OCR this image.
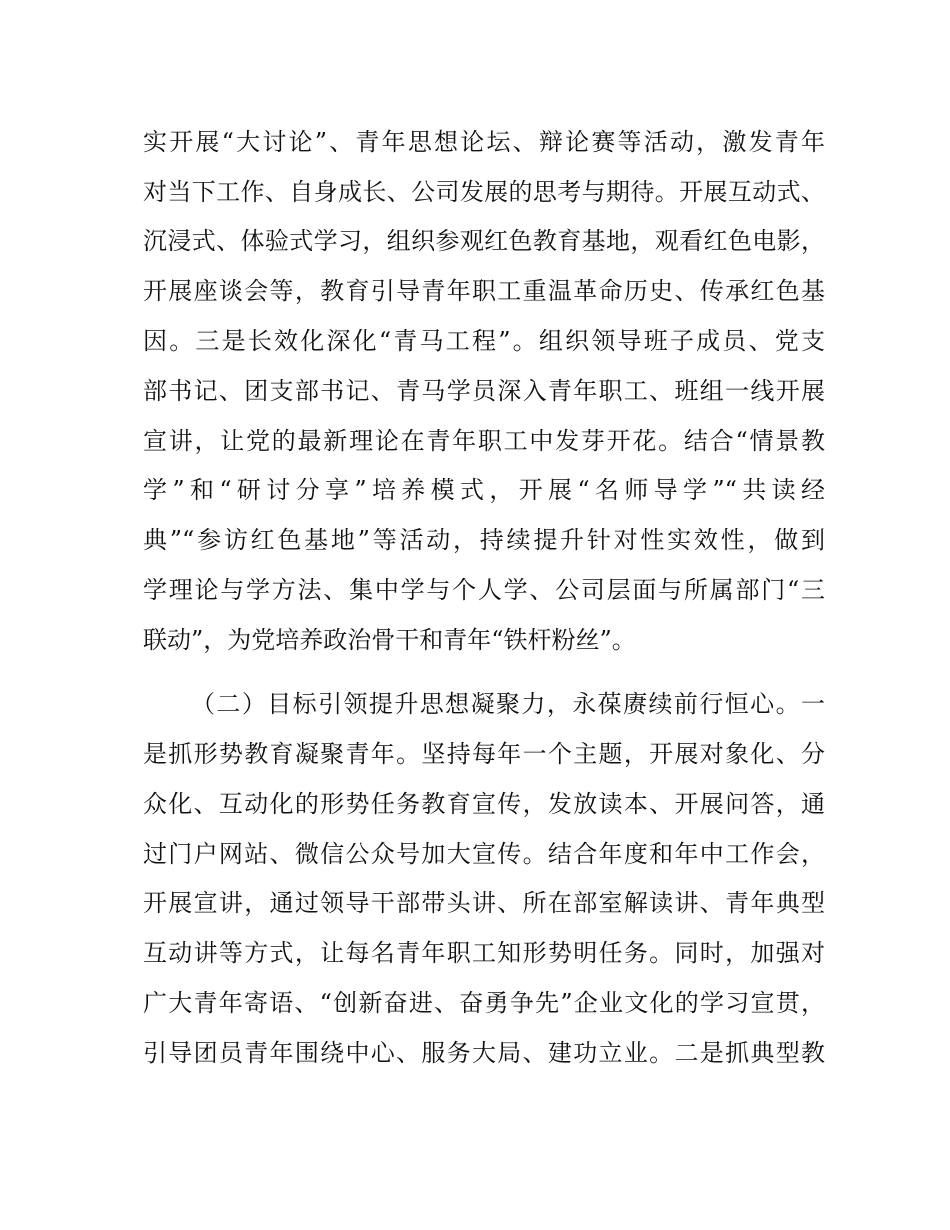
实开展“大讨论”、青年思想论坛、辩论赛等活动，激发青年
对当下工作、自身成长、公司发展的思考与期待。开展互动式、
沉浸式、体验式学习，组织参观红色教育基地，观看红色电影，
开展座谈会等，教育引导青年职工重温革命历史、传承红色基
因。三是长效化深化“青马工程”。组织领导班子成员、党支
部书记、团支部书记、青马学员深入青年职工、班组一线开展
宣讲，让党的最新理论在青年职工中发芽开花。结合“情景教
学”和“研讨分享”培养模式，开展“名师导学”“共读经
典”“参访红色基地”等活动，持续提升针对性实效性，做到
学理论与学方法、集中学与个人学、公司层面与所属部门“三
联动”，为党培养政治骨干和青年“铁杆粉丝”。
（二）目标引领提升思想凝聚力，永葆赓续前行恒心。一
是抓形势教育凝聚青年。坚持每年一个主题，开展对象化、分
众化、互动化的形势任务教育宣传，发放读本、开展问答，通
过门户网站、微信公众号加大宣传。结合年度和年中工作会，
开展宣讲，通过领导干部带头讲、所在部室解读讲、青年典型
互动讲等方式，让每名青年职工知形势明任务。同时，加强对
广大青年寄语、“创新奋进、奋勇争先”企业文化的学习宣贯，
引导团员青年围绕中心、服务大局、建功立业。二是抓典型教
